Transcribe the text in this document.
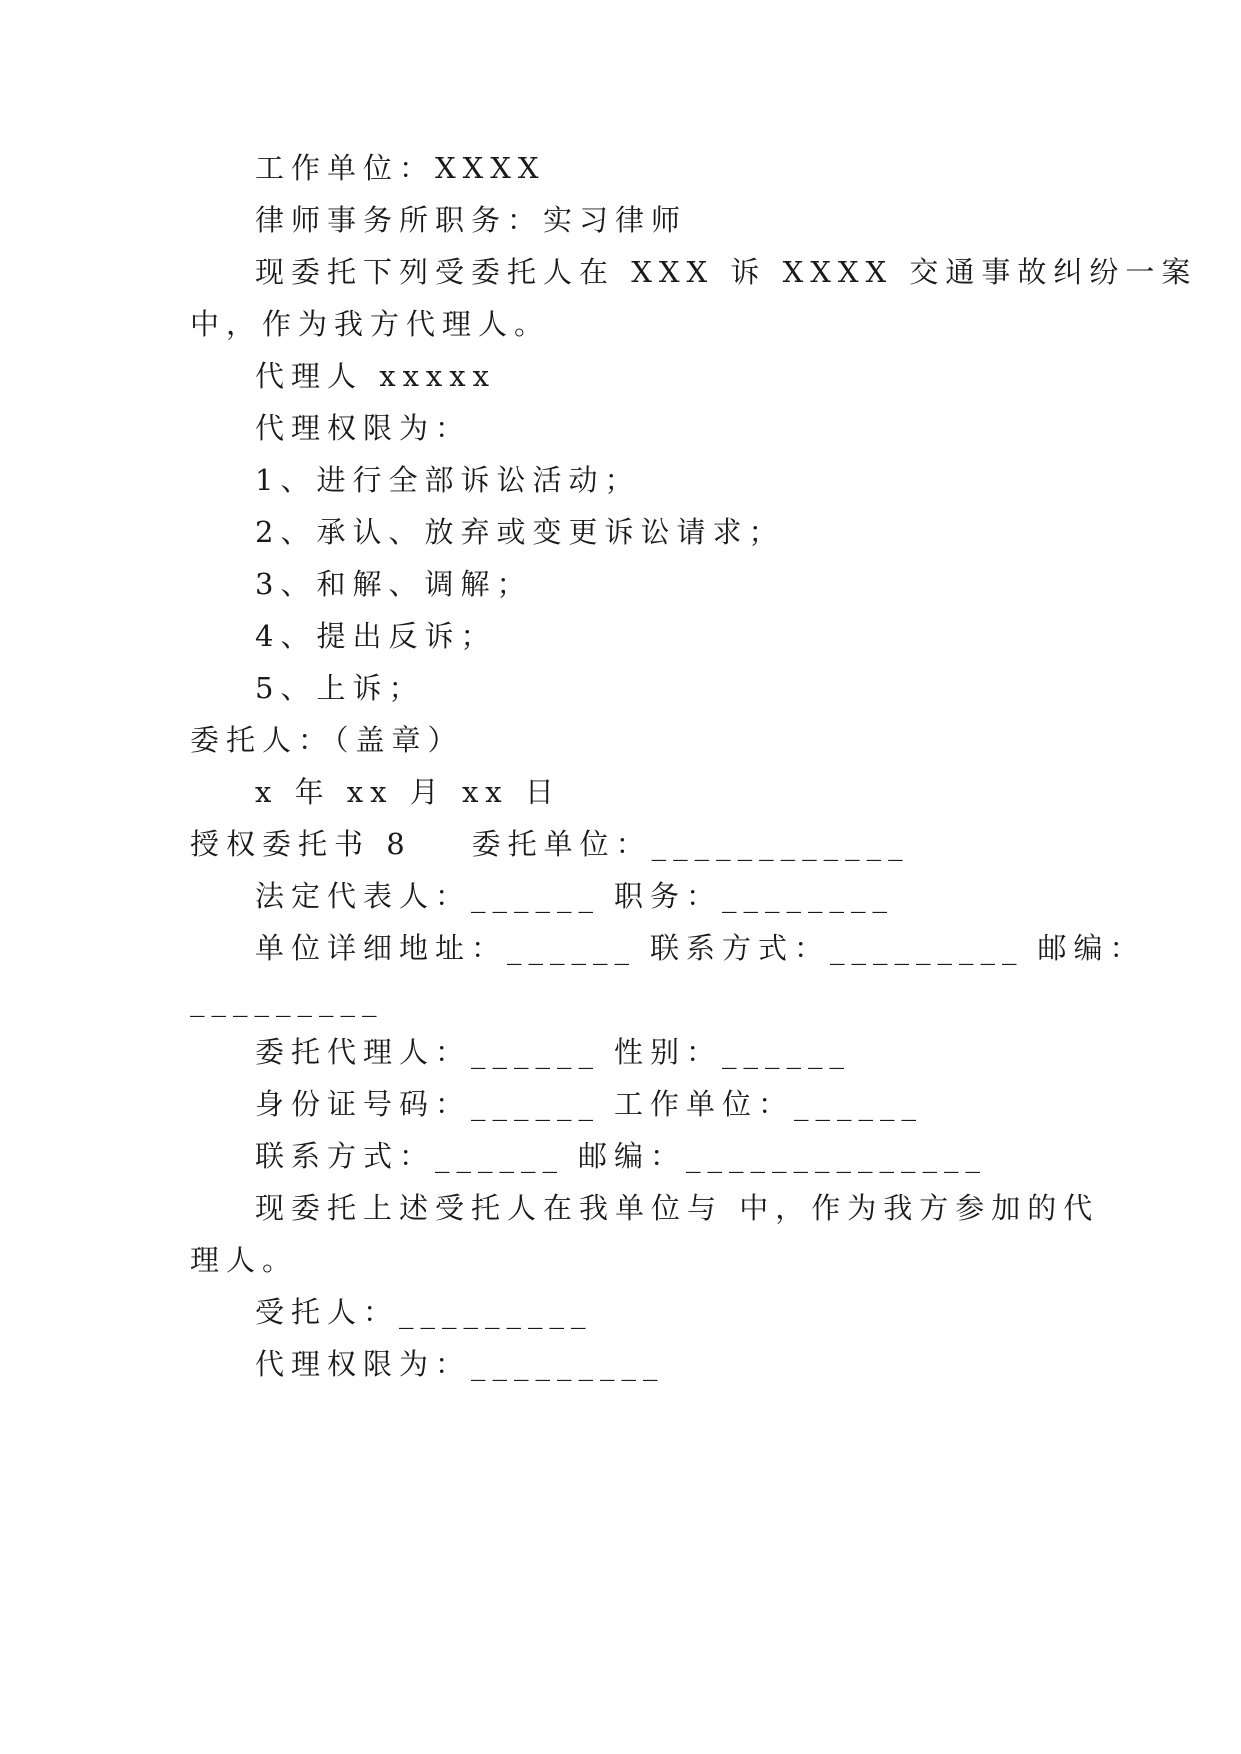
工作单位：XXXX
律师事务所职务：实习律师
现委托下列受委托人在 XXX 诉 XXXX 交通事故纠纷一案
中，作为我方代理人。
代理人 xxxxx
代理权限为：
1、进行全部诉讼活动；
2、承认、放弃或变更诉讼请求；
3、和解、调解；
4、提出反诉；
5、上诉；
委托人：（盖章）
x 年 xx 月 xx 日
授权委托书 8 委托单位：____________
法定代表人：______ 职务：________
单位详细地址：______ 联系方式：_________ 邮编：
_________
委托代理人：______ 性别：______
身份证号码：______ 工作单位：______
联系方式：______ 邮编：______________
现委托上述受托人在我单位与 中，作为我方参加的代
理人。
受托人：_________
代理权限为：_________
